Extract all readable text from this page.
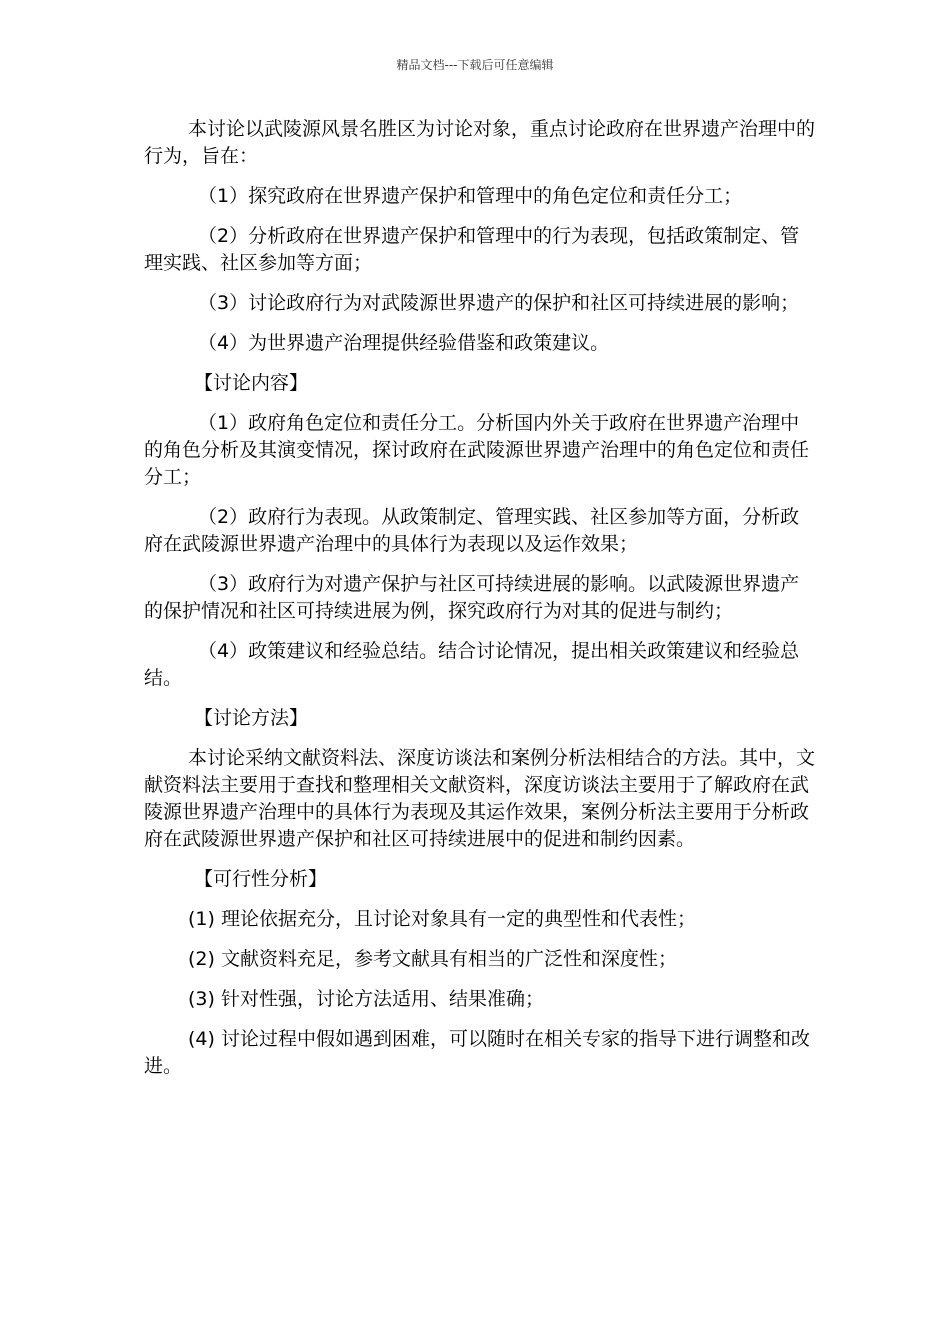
精品文档---下载后可任意编辑

本讨论以武陵源风景名胜区为讨论对象，重点讨论政府在世界遗产治理中的行为，旨在：

（1）探究政府在世界遗产保护和管理中的角色定位和责任分工；

（2）分析政府在世界遗产保护和管理中的行为表现，包括政策制定、管理实践、社区参加等方面；

（3）讨论政府行为对武陵源世界遗产的保护和社区可持续进展的影响；

（4）为世界遗产治理提供经验借鉴和政策建议。

【讨论内容】

（1）政府角色定位和责任分工。分析国内外关于政府在世界遗产治理中的角色分析及其演变情况，探讨政府在武陵源世界遗产治理中的角色定位和责任分工；

（2）政府行为表现。从政策制定、管理实践、社区参加等方面，分析政府在武陵源世界遗产治理中的具体行为表现以及运作效果；

（3）政府行为对遗产保护与社区可持续进展的影响。以武陵源世界遗产的保护情况和社区可持续进展为例，探究政府行为对其的促进与制约；

（4）政策建议和经验总结。结合讨论情况，提出相关政策建议和经验总结。

【讨论方法】

本讨论采纳文献资料法、深度访谈法和案例分析法相结合的方法。其中，文献资料法主要用于查找和整理相关文献资料，深度访谈法主要用于了解政府在武陵源世界遗产治理中的具体行为表现及其运作效果，案例分析法主要用于分析政府在武陵源世界遗产保护和社区可持续进展中的促进和制约因素。

【可行性分析】

(1) 理论依据充分，且讨论对象具有一定的典型性和代表性；

(2) 文献资料充足，参考文献具有相当的广泛性和深度性；

(3) 针对性强，讨论方法适用、结果准确；

(4) 讨论过程中假如遇到困难，可以随时在相关专家的指导下进行调整和改进。
